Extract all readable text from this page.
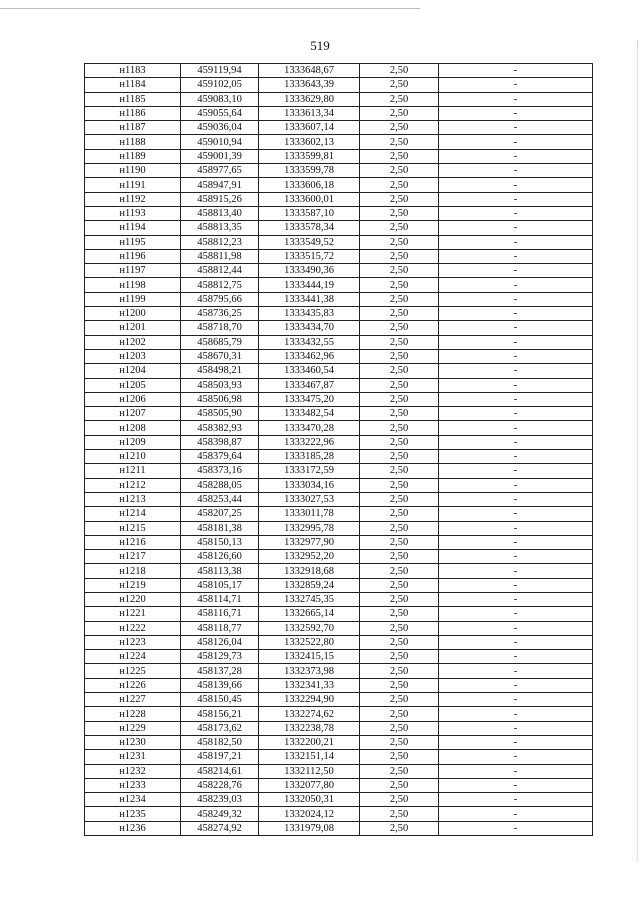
519
н1183	459119,94	1333648,67	2,50	-
н1184	459102,05	1333643,39	2,50	-
н1185	459083,10	1333629,80	2,50	-
н1186	459055,64	1333613,34	2,50	-
н1187	459036,04	1333607,14	2,50	-
н1188	459010,94	1333602,13	2,50	-
н1189	459001,39	1333599,81	2,50	-
н1190	458977,65	1333599,78	2,50	-
н1191	458947,91	1333606,18	2,50	-
н1192	458915,26	1333600,01	2,50	-
н1193	458813,40	1333587,10	2,50	-
н1194	458813,35	1333578,34	2,50	-
н1195	458812,23	1333549,52	2,50	-
н1196	458811,98	1333515,72	2,50	-
н1197	458812,44	1333490,36	2,50	-
н1198	458812,75	1333444,19	2,50	-
н1199	458795,66	1333441,38	2,50	-
н1200	458736,25	1333435,83	2,50	-
н1201	458718,70	1333434,70	2,50	-
н1202	458685,79	1333432,55	2,50	-
н1203	458670,31	1333462,96	2,50	-
н1204	458498,21	1333460,54	2,50	-
н1205	458503,93	1333467,87	2,50	-
н1206	458506,98	1333475,20	2,50	-
н1207	458505,90	1333482,54	2,50	-
н1208	458382,93	1333470,28	2,50	-
н1209	458398,87	1333222,96	2,50	-
н1210	458379,64	1333185,28	2,50	-
н1211	458373,16	1333172,59	2,50	-
н1212	458288,05	1333034,16	2,50	-
н1213	458253,44	1333027,53	2,50	-
н1214	458207,25	1333011,78	2,50	-
н1215	458181,38	1332995,78	2,50	-
н1216	458150,13	1332977,90	2,50	-
н1217	458126,60	1332952,20	2,50	-
н1218	458113,38	1332918,68	2,50	-
н1219	458105,17	1332859,24	2,50	-
н1220	458114,71	1332745,35	2,50	-
н1221	458116,71	1332665,14	2,50	-
н1222	458118,77	1332592,70	2,50	-
н1223	458126,04	1332522,80	2,50	-
н1224	458129,73	1332415,15	2,50	-
н1225	458137,28	1332373,98	2,50	-
н1226	458139,66	1332341,33	2,50	-
н1227	458150,45	1332294,90	2,50	-
н1228	458156,21	1332274,62	2,50	-
н1229	458173,62	1332238,78	2,50	-
н1230	458182,50	1332200,21	2,50	-
н1231	458197,21	1332151,14	2,50	-
н1232	458214,61	1332112,50	2,50	-
н1233	458228,76	1332077,80	2,50	-
н1234	458239,03	1332050,31	2,50	-
н1235	458249,32	1332024,12	2,50	-
н1236	458274,92	1331979,08	2,50	-
